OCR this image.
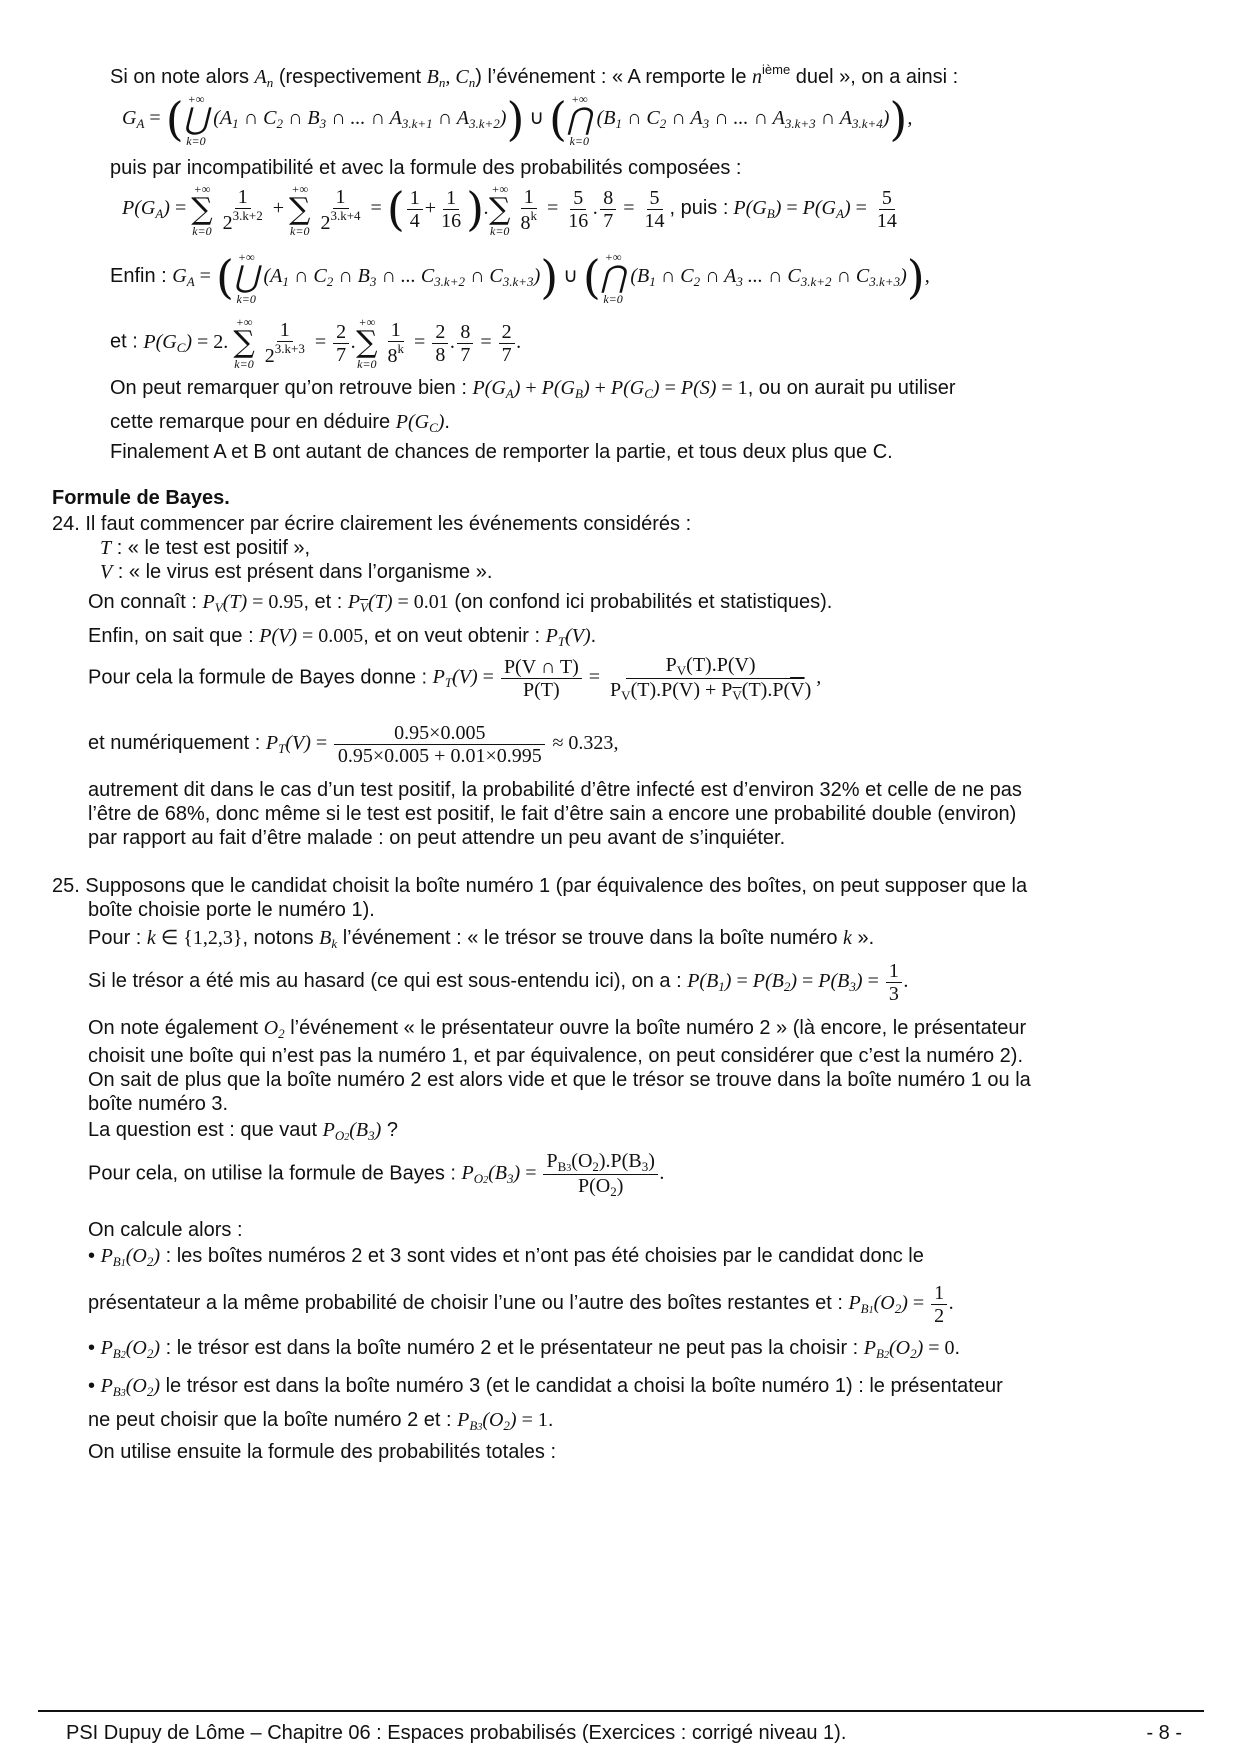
Si on note alors $A_n$ (respectivement $B_n$, $C_n$) l’événement : « A remporte le $n^{ième}$ duel », on a ainsi :
$G_A$ = ( +∞
⋃
k=0
($A_1$ ∩ $C_2$ ∩ $B_3$ ∩ ... ∩ $A_{3.k+1}$ ∩ $A_{3.k+2}$)) ∪ ( +∞
⋂
k=0
($B_1$ ∩ $C_2$ ∩ $A_3$ ∩ ... ∩ $A_{3.k+3}$ ∩ $A_{3.k+4}$)),
puis par incompatibilité et avec la formule des probabilités composées :
$P(G_A)$ =
+∞
∑
k=0
$\frac{1}{2^{3.k+2}}$ +
+∞
∑
k=0
$\frac{1}{2^{3.k+4}}$ = ( $\frac{1}{4} + \frac{1}{16}$ ).
+∞
∑
k=0
$\frac{1}{8^k} = \frac{5}{16}$ . $\frac{8}{7} = \frac{5}{14}$ , puis : $P(G_B) = P(G_A) = \frac{5}{14}$
Enfin : $G_A$ = ( +∞
⋃
k=0
($A_1$ ∩ $C_2$ ∩ $B_3$ ∩ ... $C_{3.k+2}$ ∩ $C_{3.k+3}$)) ∪ ( +∞
⋂
k=0
($B_1$ ∩ $C_2$ ∩ $A_3$ ... ∩ $C_{3.k+2}$ ∩ $C_{3.k+3}$)),
et : $P(G_C) = 2$.
+∞
∑
k=0
$\frac{1}{2^{3.k+3}} = \frac{2}{7}$ .
+∞
∑
k=0
$\frac{1}{8^k} = \frac{2}{8}$ . $\frac{8}{7} = \frac{2}{7}$ .
On peut remarquer qu’on retrouve bien : $P(G_A) + P(G_B) + P(G_C) = P(S) = 1$, ou on aurait pu utiliser
cette remarque pour en déduire $P(G_C)$.
Finalement A et B ont autant de chances de remporter la partie, et tous deux plus que C.
Formule de Bayes.
24. Il faut commencer par écrire clairement les événements considérés :
T : « le test est positif »,
V : « le virus est présent dans l’organisme ».
On connaît : $P_V(T) = 0.95$, et : $P_{\overline{V}}(T) = 0.01$ (on confond ici probabilités et statistiques).
Enfin, on sait que : P(V) = 0.005, et on veut obtenir : $P_T(V)$.
Pour cela la formule de Bayes donne : $P_T(V) = \frac{P(V \cap T)}{P(T)} = \frac{P_V(T).P(V)}{P_V(T).P(V) + P_{\overline{V}}(T).P(\overline{V})}$ ,
et numériquement : $P_T(V) = \frac{0.95\times 0.005}{0.95\times 0.005 + 0.01\times 0.995} \approx 0.323$,
autrement dit dans le cas d’un test positif, la probabilité d’être infecté est d’environ 32% et celle de ne pas
l’être de 68%, donc même si le test est positif, le fait d’être sain a encore une probabilité double (environ)
par rapport au fait d’être malade : on peut attendre un peu avant de s’inquiéter.
25. Supposons que le candidat choisit la boîte numéro 1 (par équivalence des boîtes, on peut supposer que la
boîte choisie porte le numéro 1).
Pour : k ∈ {1,2,3}, notons $B_k$ l’événement : « le trésor se trouve dans la boîte numéro k ».
Si le trésor a été mis au hasard (ce qui est sous-entendu ici), on a : $P(B_1) = P(B_2) = P(B_3) = \frac{1}{3}$ .
On note également $O_2$ l’événement « le présentateur ouvre la boîte numéro 2 » (là encore, le présentateur
choisit une boîte qui n’est pas la numéro 1, et par équivalence, on peut considérer que c’est la numéro 2).
On sait de plus que la boîte numéro 2 est alors vide et que le trésor se trouve dans la boîte numéro 1 ou la
boîte numéro 3.
La question est : que vaut $P_{O2}(B_3)$ ?
Pour cela, on utilise la formule de Bayes : $P_{O2}(B_3) = \frac{P_{B3}(O_2).P(B_3)}{P(O_2)}$ .
On calcule alors :
• $P_{B1}(O_2)$ : les boîtes numéros 2 et 3 sont vides et n’ont pas été choisies par le candidat donc le
présentateur a la même probabilité de choisir l’une ou l’autre des boîtes restantes et : $P_{B1}(O_2) = \frac{1}{2}$ .
• $P_{B2}(O_2)$ : le trésor est dans la boîte numéro 2 et le présentateur ne peut pas la choisir : $P_{B2}(O_2) = 0$.
• $P_{B3}(O_2)$ le trésor est dans la boîte numéro 3 (et le candidat a choisi la boîte numéro 1) : le présentateur
ne peut choisir que la boîte numéro 2 et : $P_{B3}(O_2) = 1$.
On utilise ensuite la formule des probabilités totales :
PSI Dupuy de Lôme – Chapitre 06 : Espaces probabilisés (Exercices : corrigé niveau 1).	- 8 -
